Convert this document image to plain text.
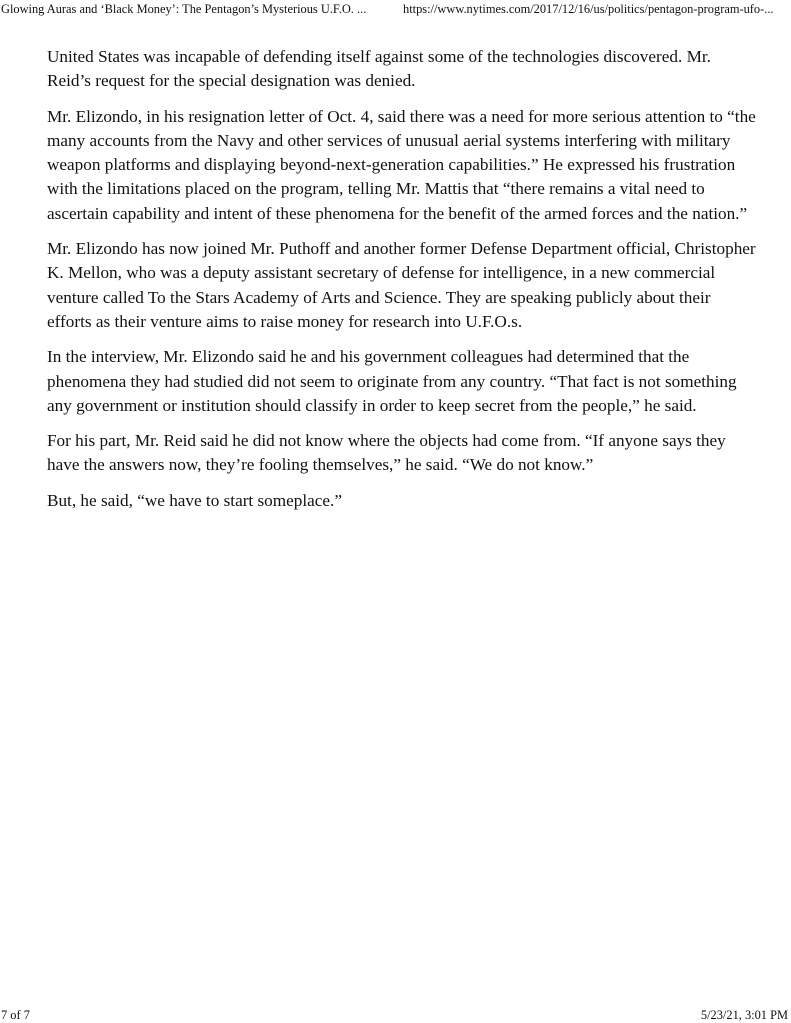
Glowing Auras and ‘Black Money’: The Pentagon’s Mysterious U.F.O. ...	https://www.nytimes.com/2017/12/16/us/politics/pentagon-program-ufo-...

United States was incapable of defending itself against some of the technologies discovered. Mr. Reid’s request for the special designation was denied.

Mr. Elizondo, in his resignation letter of Oct. 4, said there was a need for more serious attention to “the many accounts from the Navy and other services of unusual aerial systems interfering with military weapon platforms and displaying beyond-next-generation capabilities.” He expressed his frustration with the limitations placed on the program, telling Mr. Mattis that “there remains a vital need to ascertain capability and intent of these phenomena for the benefit of the armed forces and the nation.”

Mr. Elizondo has now joined Mr. Puthoff and another former Defense Department official, Christopher K. Mellon, who was a deputy assistant secretary of defense for intelligence, in a new commercial venture called To the Stars Academy of Arts and Science. They are speaking publicly about their efforts as their venture aims to raise money for research into U.F.O.s.

In the interview, Mr. Elizondo said he and his government colleagues had determined that the phenomena they had studied did not seem to originate from any country. “That fact is not something any government or institution should classify in order to keep secret from the people,” he said.

For his part, Mr. Reid said he did not know where the objects had come from. “If anyone says they have the answers now, they’re fooling themselves,” he said. “We do not know.”

But, he said, “we have to start someplace.”

7 of 7	5/23/21, 3:01 PM
